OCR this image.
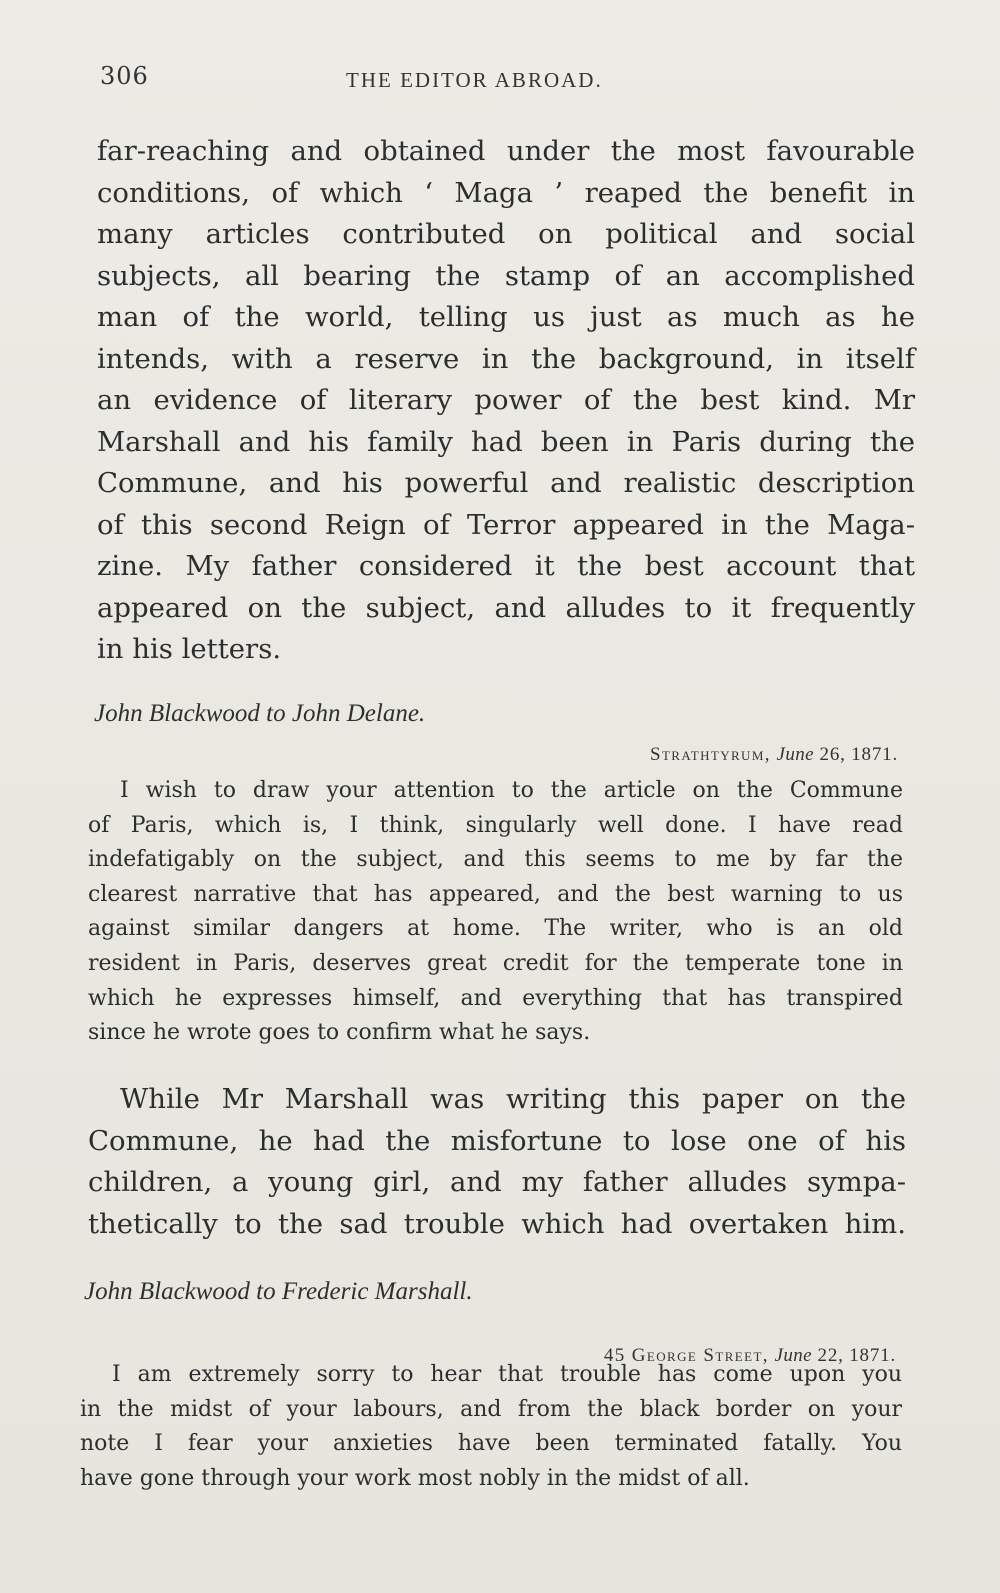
306	THE EDITOR ABROAD.
far-reaching and obtained under the most favourable
conditions, of which ‘ Maga ’ reaped the benefit in
many articles contributed on political and social
subjects, all bearing the stamp of an accomplished
man of the world, telling us just as much as he
intends, with a reserve in the background, in itself
an evidence of literary power of the best kind. Mr
Marshall and his family had been in Paris during the
Commune, and his powerful and realistic description
of this second Reign of Terror appeared in the Maga-
zine. My father considered it the best account that
appeared on the subject, and alludes to it frequently
in his letters.
John Blackwood to John Delane.
Strathtyrum, June 26, 1871.
I wish to draw your attention to the article on the Commune
of Paris, which is, I think, singularly well done. I have read
indefatigably on the subject, and this seems to me by far the
clearest narrative that has appeared, and the best warning to us
against similar dangers at home. The writer, who is an old
resident in Paris, deserves great credit for the temperate tone in
which he expresses himself, and everything that has transpired
since he wrote goes to confirm what he says.
While Mr Marshall was writing this paper on the
Commune, he had the misfortune to lose one of his
children, a young girl, and my father alludes sympa-
thetically to the sad trouble which had overtaken him.
John Blackwood to Frederic Marshall.
45 George Street, June 22, 1871.
I am extremely sorry to hear that trouble has come upon you
in the midst of your labours, and from the black border on your
note I fear your anxieties have been terminated fatally. You
have gone through your work most nobly in the midst of all.
